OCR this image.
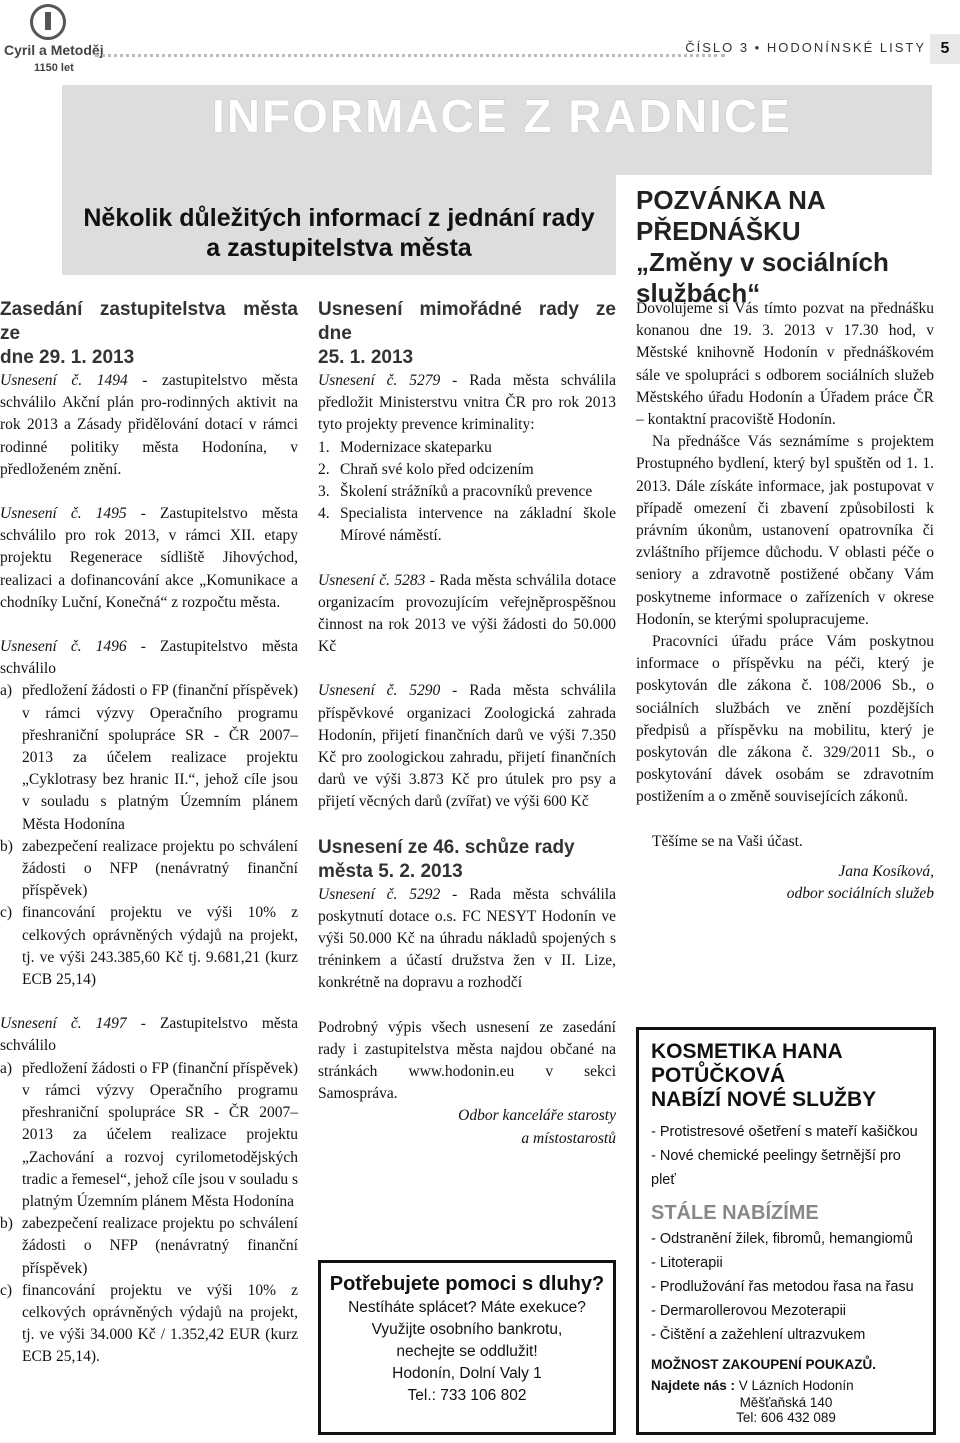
Cyril a Metoděj
1150 let
ČÍSLO 3 • HODONÍNSKÉ LISTY 5
INFORMACE Z RADNICE
Několik důležitých informací z jednání rady
a zastupitelstva města
Zasedání zastupitelstva města ze
dne 29. 1. 2013

Usnesení č. 1494 - zastupitelstvo města schválilo Akční plán pro-rodinných aktivit na rok 2013 a Zásady přidělování dotací v rámci rodinné politiky města Hodonína, v předloženém znění.

Usnesení č. 1495 - Zastupitelstvo města schválilo pro rok 2013, v rámci XII. etapy projektu Regenerace sídliště Jihovýchod, realizaci a dofinancování akce „Komunikace a chodníky Luční, Konečná“ z rozpočtu města.

Usnesení č. 1496 - Zastupitelstvo města schválilo

a) předložení žádosti o FP (finanční příspěvek) v rámci výzvy Operačního programu přeshraniční spolupráce SR - ČR 2007–2013 za účelem realizace projektu „Cyklotrasy bez hranic II.“, jehož cíle jsou v souladu s platným Územním plánem Města Hodonína
b) zabezpečení realizace projektu po schválení žádosti o NFP (nenávratný finanční příspěvek)
c) financování projektu ve výši 10% z celkových oprávněných výdajů na projekt, tj. ve výši 243.385,60 Kč tj. 9.681,21 (kurz ECB 25,14)

Usnesení č. 1497 - Zastupitelstvo města schválilo

a) předložení žádosti o FP (finanční příspěvek) v rámci výzvy Operačního programu přeshraniční spolupráce SR - ČR 2007–2013 za účelem realizace projektu „Zachování a rozvoj cyrilometodějských tradic a řemesel“, jehož cíle jsou v souladu s platným Územním plánem Města Hodonína
b) zabezpečení realizace projektu po schválení žádosti o NFP (nenávratný finanční příspěvek)
c) financování projektu ve výši 10% z celkových oprávněných výdajů na projekt, tj. ve výši 34.000 Kč / 1.352,42 EUR (kurz ECB 25,14).
Usnesení mimořádné rady ze dne
25. 1. 2013

Usnesení č. 5279 - Rada města schválila předložit Ministerstvu vnitra ČR pro rok 2013 tyto projekty prevence kriminality:

1. Modernizace skateparku
2. Chraň své kolo před odcizením
3. Školení strážníků a pracovníků prevence
4. Specialista intervence na základní škole Mírové náměstí.

Usnesení č. 5283 - Rada města schválila dotace organizacím provozujícím veřejněprospěšnou činnost na rok 2013 ve výši žádosti do 50.000 Kč

Usnesení č. 5290 - Rada města schválila příspěvkové organizaci Zoologická zahrada Hodonín, přijetí finančních darů ve výši 7.350 Kč pro zoologickou zahradu, přijetí finančních darů ve výši 3.873 Kč pro útulek pro psy a přijetí věcných darů (zvířat) ve výši 600 Kč

Usnesení ze 46. schůze rady
města 5. 2. 2013

Usnesení č. 5292 - Rada města schválila poskytnutí dotace o.s. FC NESYT Hodonín ve výši 50.000 Kč na úhradu nákladů spojených s tréninkem a účastí družstva žen v II. Lize, konkrétně na dopravu a rozhodčí

Podrobný výpis všech usnesení ze zasedání rady i zastupitelstva města najdou občané na stránkách www.hodonin.eu v sekci Samospráva.

Odbor kanceláře starosty
a místostarostů
Potřebujete pomoci s dluhy?
Nestíháte splácet? Máte exekuce?
Využijte osobního bankrotu,
nechejte se oddlužit!
Hodonín, Dolní Valy 1
Tel.: 733 106 802
POZVÁNKA NA PŘEDNÁŠKU
„Změny v sociálních
službách“

Dovolujeme si Vás tímto pozvat na přednášku konanou dne 19. 3. 2013 v 17.30 hod, v Městské knihovně Hodonín v přednáškovém sále ve spolupráci s odborem sociálních služeb Městského úřadu Hodonín a Úřadem práce ČR – kontaktní pracoviště Hodonín.

Na přednášce Vás seznámíme s projektem Prostupného bydlení, který byl spuštěn od 1. 1. 2013. Dále získáte informace, jak postupovat v případě omezení či zbavení způsobilosti k právním úkonům, ustanovení opatrovníka či zvláštního příjemce důchodu. V oblasti péče o seniory a zdravotně postižené občany Vám poskytneme informace o zařízeních v okrese Hodonín, se kterými spolupracujeme.

Pracovníci úřadu práce Vám poskytnou informace o příspěvku na péči, který je poskytován dle zákona č. 108/2006 Sb., o sociálních službách ve znění pozdějších předpisů a příspěvku na mobilitu, který je poskytován dle zákona č. 329/2011 Sb., o poskytování dávek osobám se zdravotním postižením a o změně souvisejících zákonů.

Těšíme se na Vaši účast.

Jana Kosíková,
odbor sociálních služeb
KOSMETIKA HANA POTŮČKOVÁ
NABÍZÍ NOVÉ SLUŽBY
- Protistresové ošetření s mateří kašičkou
- Nové chemické peelingy šetrnější pro pleť
STÁLE NABÍZÍME
- Odstranění žilek, fibromů, hemangiomů
- Litoterapii
- Prodlužování řas metodou řasa na řasu
- Dermarollerovou Mezoterapii
- Čištění a zažehlení ultrazvukem
MOŽNOST ZAKOUPENÍ POUKAZŮ.
Najdete nás : V Lázních Hodonín
Měšťaňská 140
Tel: 606 432 089
